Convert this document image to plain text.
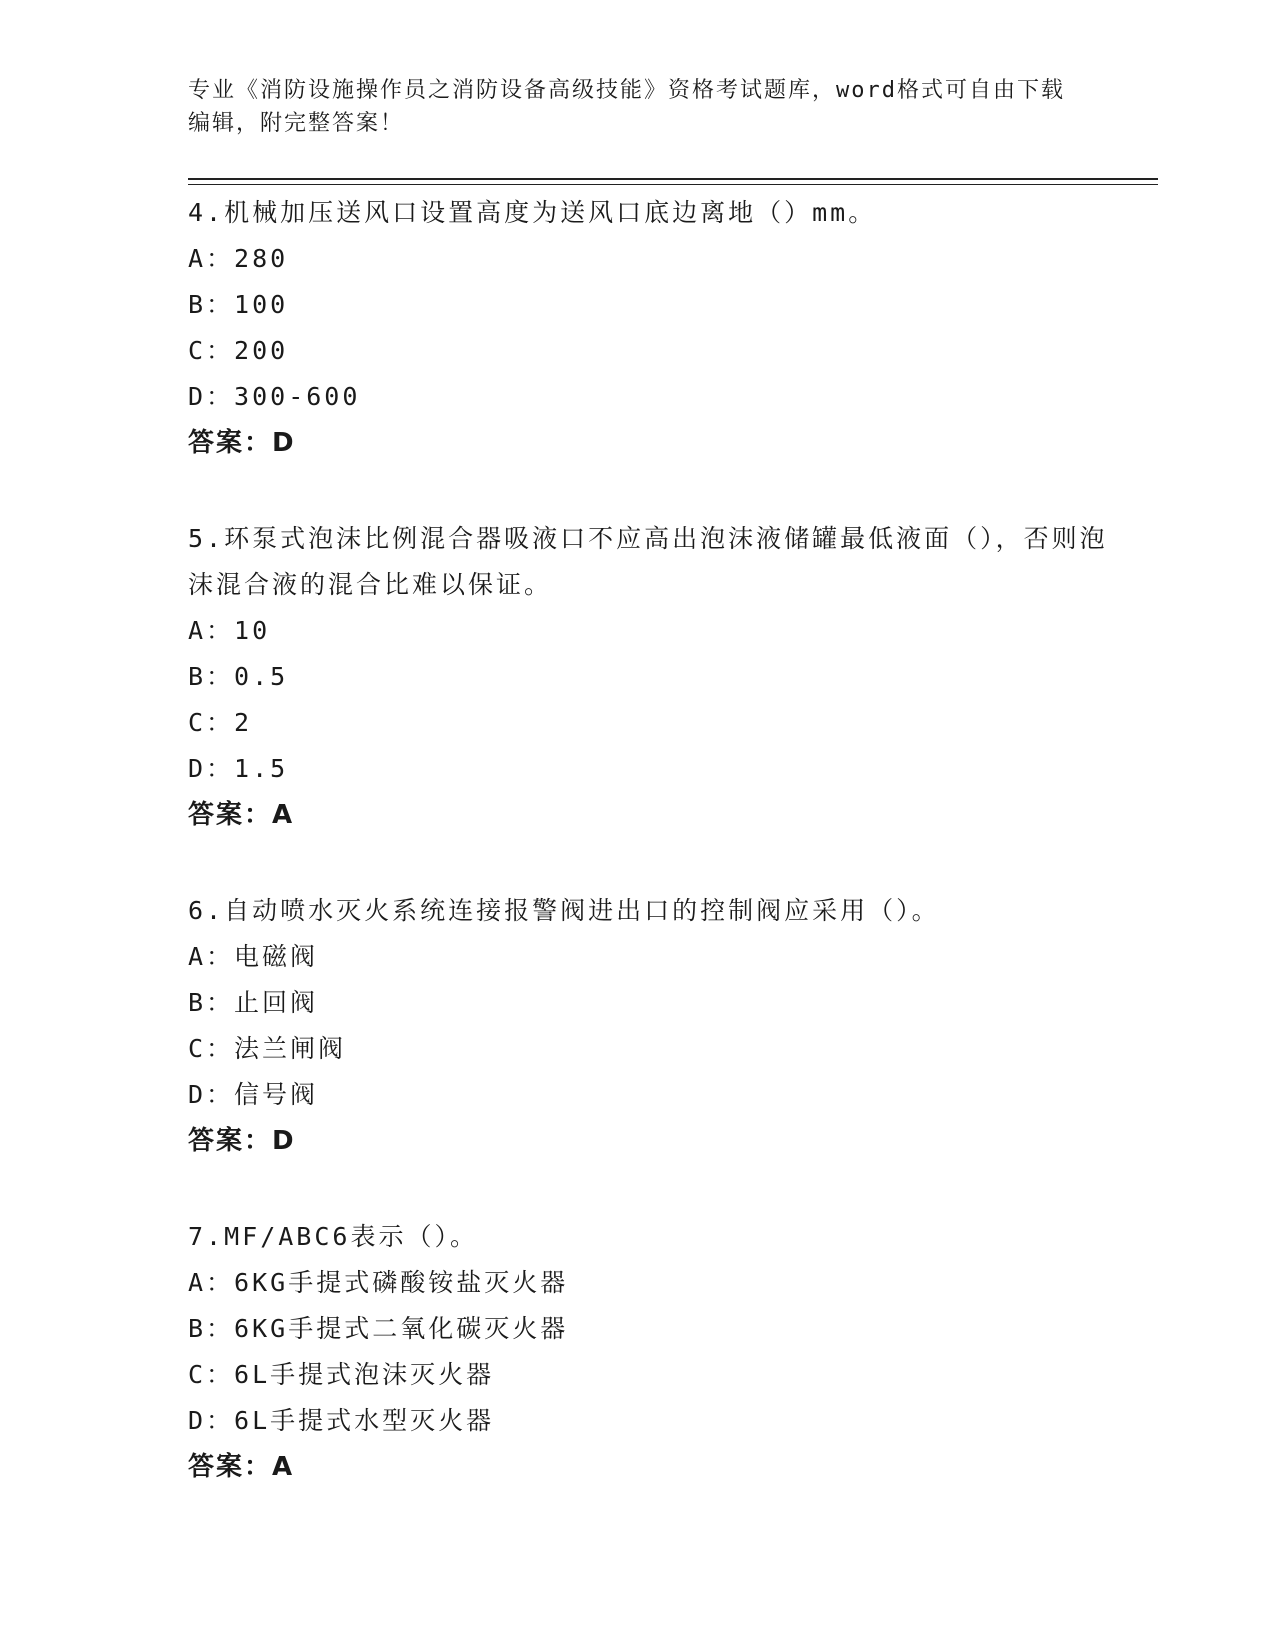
专业《消防设施操作员之消防设备高级技能》资格考试题库，word格式可自由下载编辑，附完整答案！
4.机械加压送风口设置高度为送风口底边离地（）mm。
A：280
B：100
C：200
D：300-600
答案：D
5.环泵式泡沫比例混合器吸液口不应高出泡沫液储罐最低液面（），否则泡沫混合液的混合比难以保证。
A：10
B：0.5
C：2
D：1.5
答案：A
6.自动喷水灭火系统连接报警阀进出口的控制阀应采用（）。
A：电磁阀
B：止回阀
C：法兰闸阀
D：信号阀
答案：D
7.MF/ABC6表示（）。
A：6KG手提式磷酸铵盐灭火器
B：6KG手提式二氧化碳灭火器
C：6L手提式泡沫灭火器
D：6L手提式水型灭火器
答案：A
